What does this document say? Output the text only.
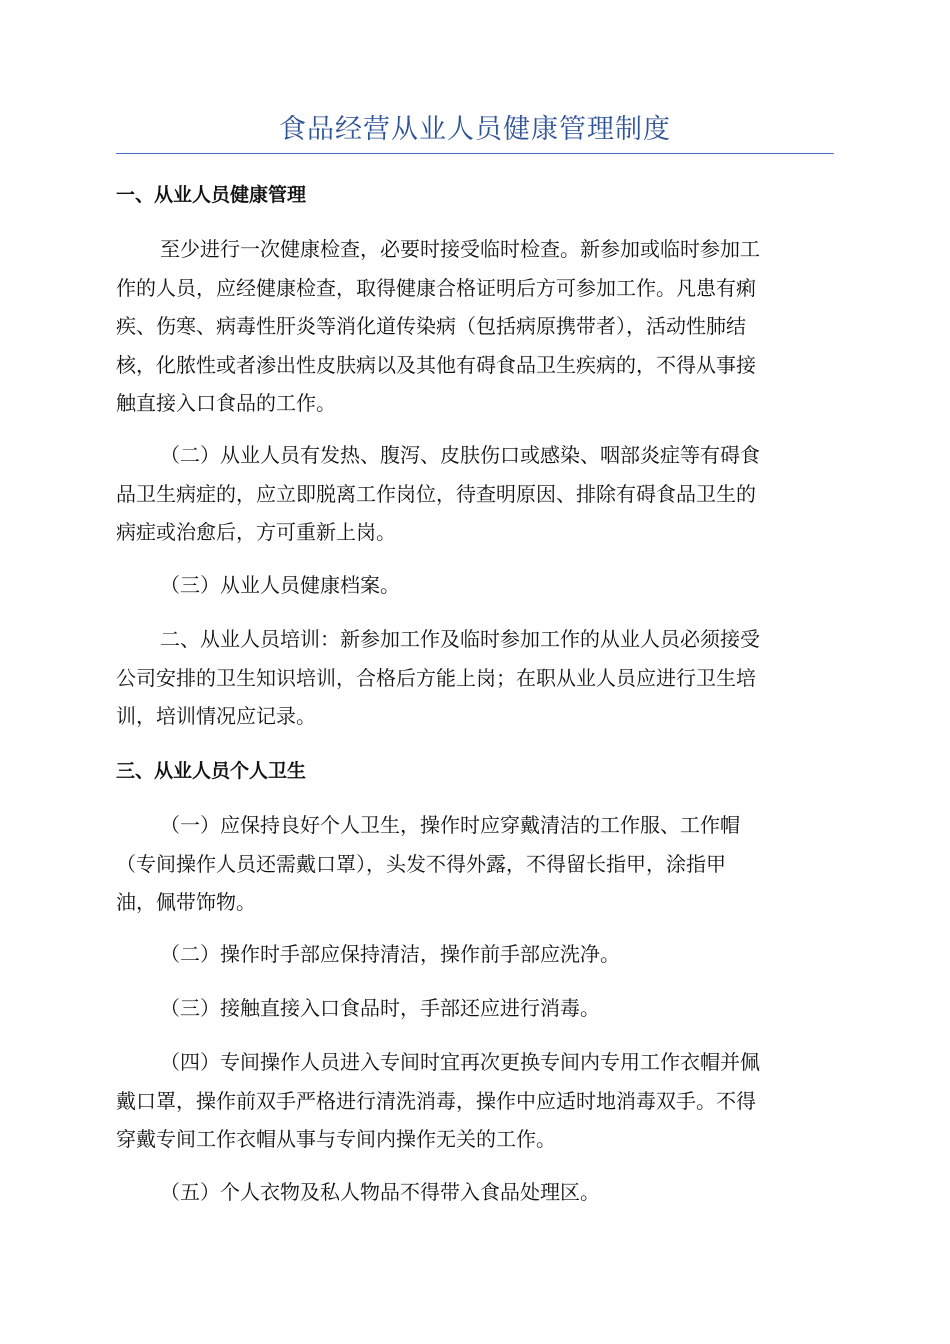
食品经营从业人员健康管理制度
一、从业人员健康管理
至少进行一次健康检查，必要时接受临时检查。新参加或临时参加工
作的人员，应经健康检查，取得健康合格证明后方可参加工作。凡患有痢
疾、伤寒、病毒性肝炎等消化道传染病（包括病原携带者），活动性肺结
核，化脓性或者渗出性皮肤病以及其他有碍食品卫生疾病的，不得从事接
触直接入口食品的工作。
（二）从业人员有发热、腹泻、皮肤伤口或感染、咽部炎症等有碍食
品卫生病症的，应立即脱离工作岗位，待查明原因、排除有碍食品卫生的
病症或治愈后，方可重新上岗。
（三）从业人员健康档案。
二、从业人员培训：新参加工作及临时参加工作的从业人员必须接受
公司安排的卫生知识培训，合格后方能上岗；在职从业人员应进行卫生培
训，培训情况应记录。
三、从业人员个人卫生
（一）应保持良好个人卫生，操作时应穿戴清洁的工作服、工作帽
（专间操作人员还需戴口罩），头发不得外露，不得留长指甲，涂指甲
油，佩带饰物。
（二）操作时手部应保持清洁，操作前手部应洗净。
（三）接触直接入口食品时，手部还应进行消毒。
（四）专间操作人员进入专间时宜再次更换专间内专用工作衣帽并佩
戴口罩，操作前双手严格进行清洗消毒，操作中应适时地消毒双手。不得
穿戴专间工作衣帽从事与专间内操作无关的工作。
（五）个人衣物及私人物品不得带入食品处理区。
